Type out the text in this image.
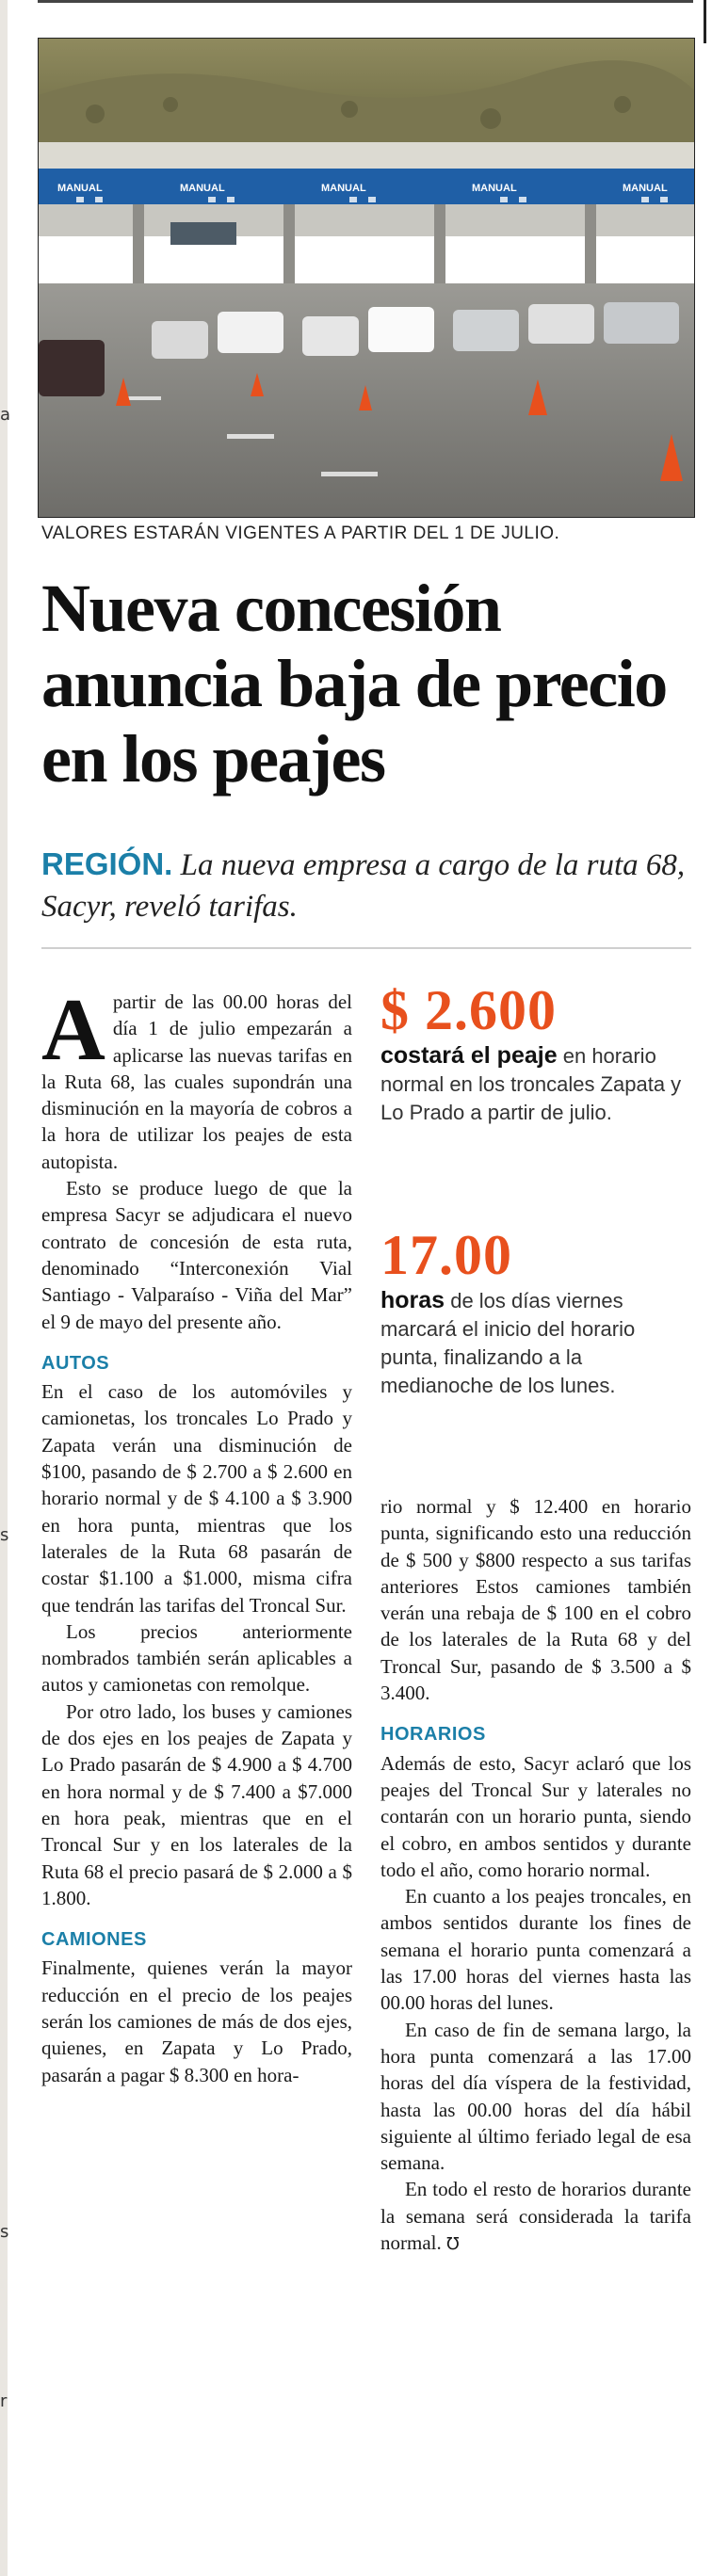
a
s
s
r
MANUAL	MANUAL	MANUAL	MANUAL	MANUAL
VALORES ESTARÁN VIGENTES A PARTIR DEL 1 DE JULIO.
Nueva concesión anuncia baja de precio en los peajes
REGIÓN. La nueva empresa a cargo de la ruta 68, Sacyr, reveló tarifas.

A partir de las 00.00 horas del día 1 de julio empezarán a aplicarse las nuevas tarifas en la Ruta 68, las cuales supondrán una disminución en la mayoría de cobros a la hora de utilizar los peajes de esta autopista.

Esto se produce luego de que la empresa Sacyr se adjudicara el nuevo contrato de concesión de esta ruta, denominado “Interconexión Vial Santiago - Valparaíso - Viña del Mar” el 9 de mayo del presente año.

AUTOS

En el caso de los automóviles y camionetas, los troncales Lo Prado y Zapata verán una disminución de $100, pasando de $ 2.700 a $ 2.600 en horario normal y de $ 4.100 a $ 3.900 en hora punta, mientras que los laterales de la Ruta 68 pasarán de costar $1.100 a $1.000, misma cifra que tendrán las tarifas del Troncal Sur.

Los precios anteriormente nombrados también serán aplicables a autos y camionetas con remolque.

Por otro lado, los buses y camiones de dos ejes en los peajes de Zapata y Lo Prado pasarán de $ 4.900 a $ 4.700 en hora normal y de $ 7.400 a $7.000 en hora peak, mientras que en el Troncal Sur y en los laterales de la Ruta 68 el precio pasará de $ 2.000 a $ 1.800.

CAMIONES

Finalmente, quienes verán la mayor reducción en el precio de los peajes serán los camiones de más de dos ejes, quienes, en Zapata y Lo Prado, pasarán a pagar $ 8.300 en hora-

$ 2.600
costará el peaje en horario normal en los troncales Zapata y Lo Prado a partir de julio.
17.00
horas de los días viernes marcará el inicio del horario punta, finalizando a la medianoche de los lunes.

rio normal y $ 12.400 en horario punta, significando esto una reducción de $ 500 y $800 respecto a sus tarifas anteriores Estos camiones también verán una rebaja de $ 100 en el cobro de los laterales de la Ruta 68 y del Troncal Sur, pasando de $ 3.500 a $ 3.400.

HORARIOS

Además de esto, Sacyr aclaró que los peajes del Troncal Sur y laterales no contarán con un horario punta, siendo el cobro, en ambos sentidos y durante todo el año, como horario normal.

En cuanto a los peajes troncales, en ambos sentidos durante los fines de semana el horario punta comenzará a las 17.00 horas del viernes hasta las 00.00 horas del lunes.

En caso de fin de semana largo, la hora punta comenzará a las 17.00 horas del día víspera de la festividad, hasta las 00.00 horas del día hábil siguiente al último feriado legal de esa semana.

En todo el resto de horarios durante la semana será considerada la tarifa normal. ℧
